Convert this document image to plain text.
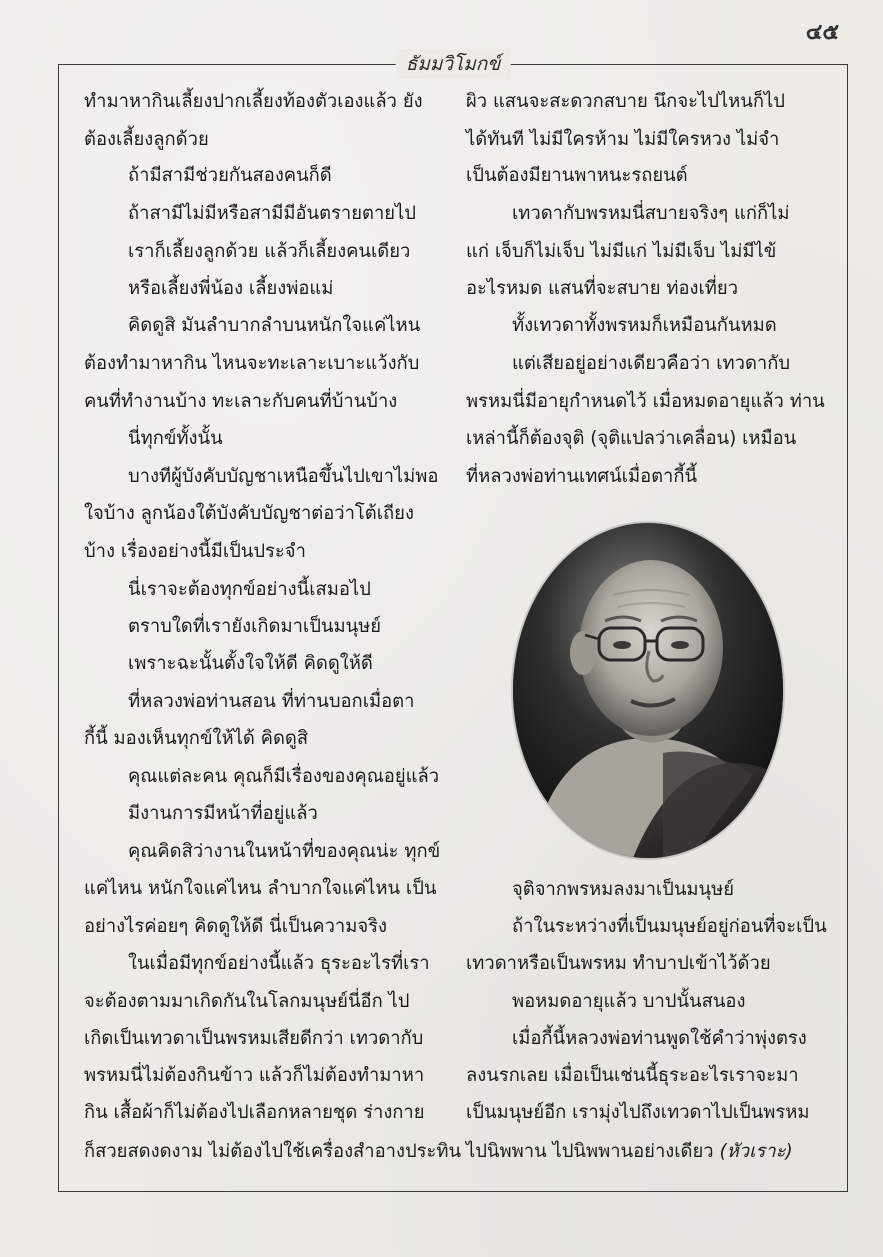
๔๕
ธัมมวิโมกข์
ทำมาหากินเลี้ยงปากเลี้ยงท้องตัวเองแล้ว ยัง
ต้องเลี้ยงลูกด้วย
ถ้ามีสามีช่วยกันสองคนก็ดี
ถ้าสามีไม่มีหรือสามีมีอันตรายตายไป
เราก็เลี้ยงลูกด้วย แล้วก็เลี้ยงคนเดียว
หรือเลี้ยงพี่น้อง เลี้ยงพ่อแม่
คิดดูสิ มันลำบากลำบนหนักใจแค่ไหน
ต้องทำมาหากิน ไหนจะทะเลาะเบาะแว้งกับ
คนที่ทำงานบ้าง ทะเลาะกับคนที่บ้านบ้าง
นี่ทุกข์ทั้งนั้น
บางทีผู้บังคับบัญชาเหนือขึ้นไปเขาไม่พอ
ใจบ้าง ลูกน้องใต้บังคับบัญชาต่อว่าโต้เถียง
บ้าง เรื่องอย่างนี้มีเป็นประจำ
นี่เราจะต้องทุกข์อย่างนี้เสมอไป
ตราบใดที่เรายังเกิดมาเป็นมนุษย์
เพราะฉะนั้นตั้งใจให้ดี คิดดูให้ดี
ที่หลวงพ่อท่านสอน ที่ท่านบอกเมื่อตา
กี้นี้ มองเห็นทุกข์ให้ได้ คิดดูสิ
คุณแต่ละคน คุณก็มีเรื่องของคุณอยู่แล้ว
มีงานการมีหน้าที่อยู่แล้ว
คุณคิดสิว่างานในหน้าที่ของคุณน่ะ ทุกข์
แค่ไหน หนักใจแค่ไหน ลำบากใจแค่ไหน เป็น
อย่างไรค่อยๆ คิดดูให้ดี นี่เป็นความจริง
ในเมื่อมีทุกข์อย่างนี้แล้ว ธุระอะไรที่เรา
จะต้องตามมาเกิดกันในโลกมนุษย์นี่อีก ไป
เกิดเป็นเทวดาเป็นพรหมเสียดีกว่า เทวดากับ
พรหมนี่ไม่ต้องกินข้าว แล้วก็ไม่ต้องทำมาหา
กิน เสื้อผ้าก็ไม่ต้องไปเลือกหลายชุด ร่างกาย
ก็สวยสดงดงาม ไม่ต้องไปใช้เครื่องสำอางประทิน
ผิว แสนจะสะดวกสบาย นึกจะไปไหนก็ไป
ได้ทันที ไม่มีใครห้าม ไม่มีใครหวง ไม่จำ
เป็นต้องมียานพาหนะรถยนต์
เทวดากับพรหมนี่สบายจริงๆ แก่ก็ไม่
แก่ เจ็บก็ไม่เจ็บ ไม่มีแก่ ไม่มีเจ็บ ไม่มีไข้
อะไรหมด แสนที่จะสบาย ท่องเที่ยว
ทั้งเทวดาทั้งพรหมก็เหมือนกันหมด
แต่เสียอยู่อย่างเดียวคือว่า เทวดากับ
พรหมนี่มีอายุกำหนดไว้ เมื่อหมดอายุแล้ว ท่าน
เหล่านี้ก็ต้องจุติ (จุติแปลว่าเคลื่อน) เหมือน
ที่หลวงพ่อท่านเทศน์เมื่อตากี้นี้
จุติจากพรหมลงมาเป็นมนุษย์
ถ้าในระหว่างที่เป็นมนุษย์อยู่ก่อนที่จะเป็น
เทวดาหรือเป็นพรหม ทำบาปเข้าไว้ด้วย
พอหมดอายุแล้ว บาปนั้นสนอง
เมื่อกี้นี้หลวงพ่อท่านพูดใช้คำว่าพุ่งตรง
ลงนรกเลย เมื่อเป็นเช่นนี้ธุระอะไรเราจะมา
เป็นมนุษย์อีก เรามุ่งไปถึงเทวดาไปเป็นพรหม
ไปนิพพาน ไปนิพพานอย่างเดียว (หัวเราะ)
